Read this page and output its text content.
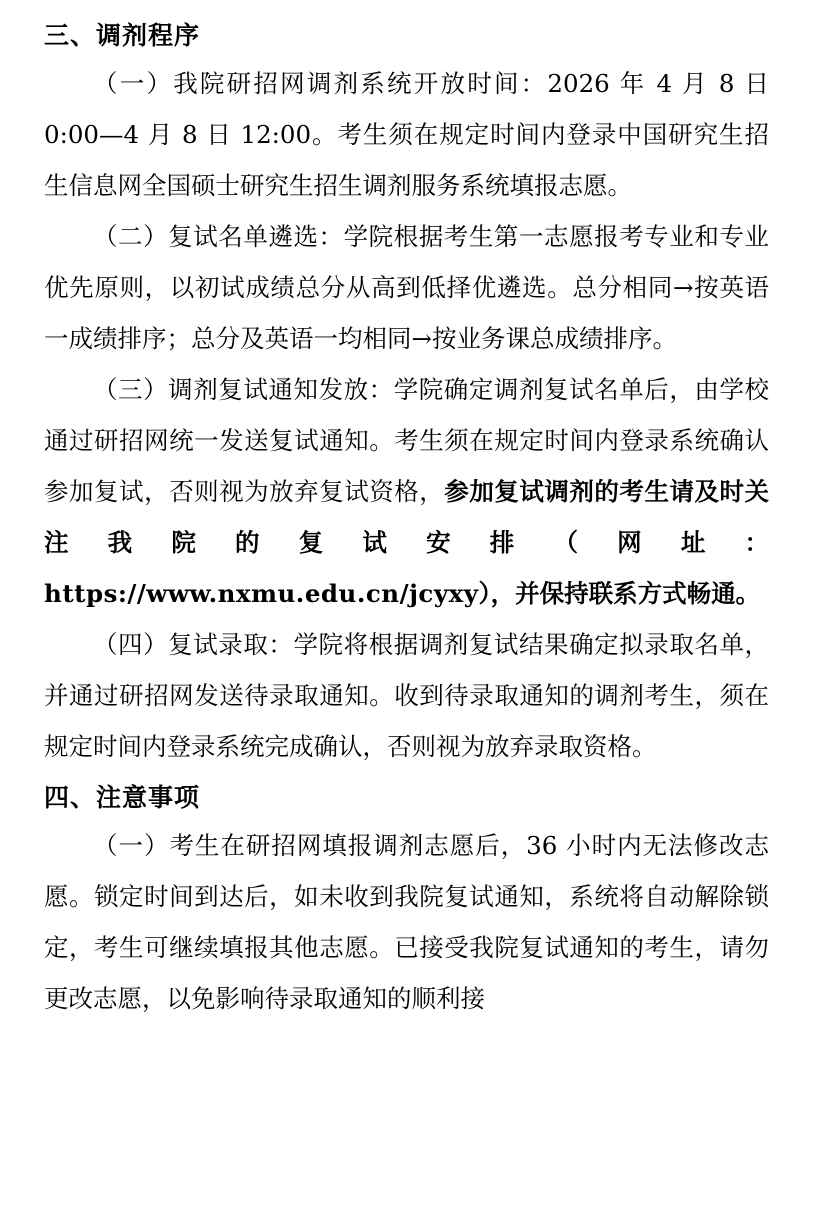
三、调剂程序

（一）我院研招网调剂系统开放时间：2026 年 4 月 8 日 0:00—4 月 8 日 12:00。考生须在规定时间内登录中国研究生招生信息网全国硕士研究生招生调剂服务系统填报志愿。

（二）复试名单遴选：学院根据考生第一志愿报考专业和专业优先原则，以初试成绩总分从高到低择优遴选。总分相同→按英语一成绩排序；总分及英语一均相同→按业务课总成绩排序。

（三）调剂复试通知发放：学院确定调剂复试名单后，由学校通过研招网统一发送复试通知。考生须在规定时间内登录系统确认参加复试，否则视为放弃复试资格，参加复试调剂的考生请及时关注我院的复试安排（网址：https://www.nxmu.edu.cn/jcyxy），并保持联系方式畅通。

（四）复试录取：学院将根据调剂复试结果确定拟录取名单，并通过研招网发送待录取通知。收到待录取通知的调剂考生，须在规定时间内登录系统完成确认，否则视为放弃录取资格。

四、注意事项

（一）考生在研招网填报调剂志愿后，36 小时内无法修改志愿。锁定时间到达后，如未收到我院复试通知，系统将自动解除锁定，考生可继续填报其他志愿。已接受我院复试通知的考生，请勿更改志愿，以免影响待录取通知的顺利接
